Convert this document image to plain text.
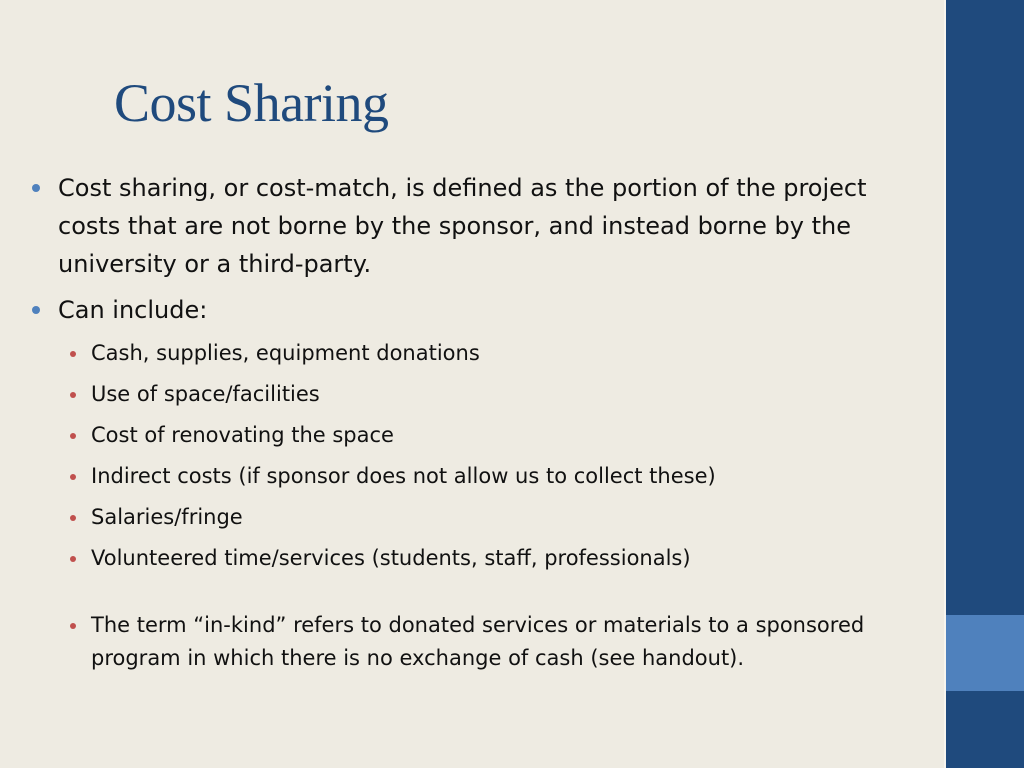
Cost Sharing
Cost sharing, or cost-match, is defined as the portion of the project costs that are not borne by the sponsor, and instead borne by the university or a third-party.
Can include:
Cash, supplies, equipment donations
Use of space/facilities
Cost of renovating the space
Indirect costs (if sponsor does not allow us to collect these)
Salaries/fringe
Volunteered time/services (students, staff, professionals)
The term “in-kind” refers to donated services or materials to a sponsored program in which there is no exchange of cash (see handout).
